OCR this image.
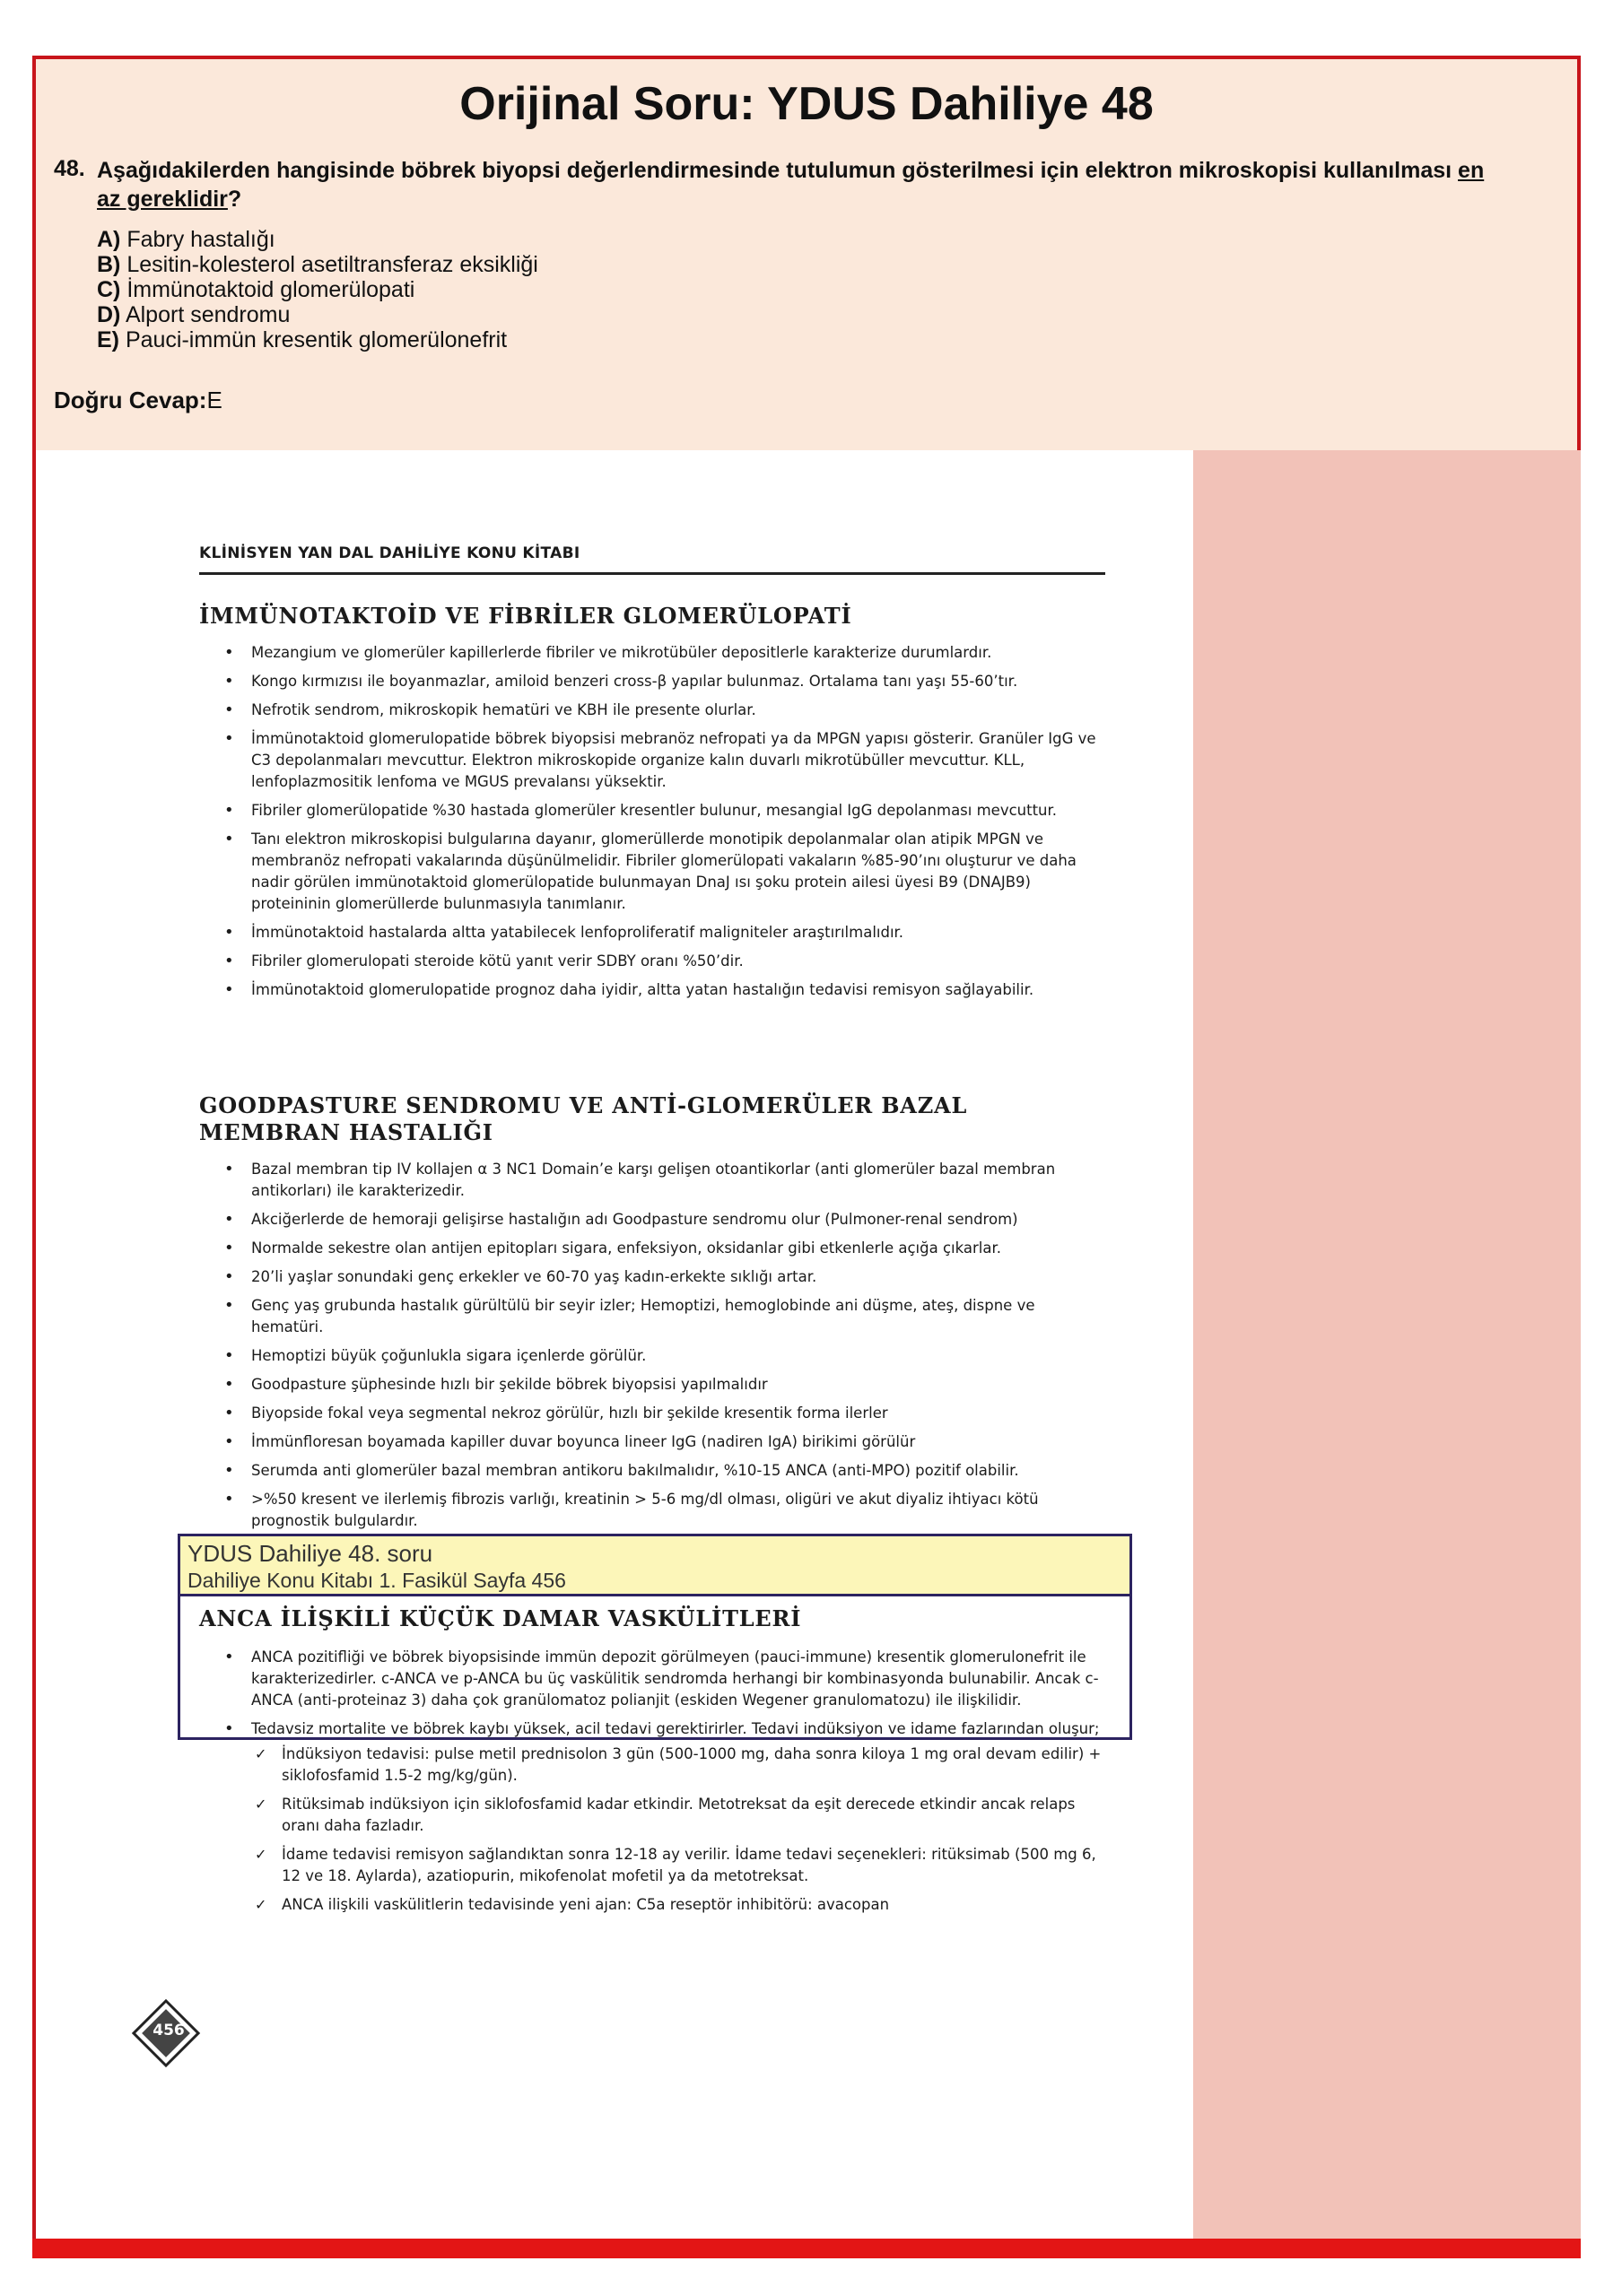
Orijinal Soru: YDUS Dahiliye 48
48. Aşağıdakilerden hangisinde böbrek biyopsi değerlendirmesinde tutulumun gösterilmesi için elektron mikroskopisi kullanılması en az gereklidir?
A) Fabry hastalığı
B) Lesitin-kolesterol asetiltransferaz eksikliği
C) İmmünotaktoid glomerülopati
D) Alport sendromu
E) Pauci-immün kresentik glomerülonefrit
Doğru Cevap:E
KLİNİSYEN YAN DAL DAHİLİYE KONU KİTABI
İMMÜNOTAKTOİD VE FİBRİLER GLOMERÜLOPATİ
• Mezangium ve glomerüler kapillerlerde fibriler ve mikrotübüler depositlerle karakterize durumlardır.
• Kongo kırmızısı ile boyanmazlar, amiloid benzeri cross-β yapılar bulunmaz. Ortalama tanı yaşı 55-60’tır.
• Nefrotik sendrom, mikroskopik hematüri ve KBH ile presente olurlar.
• İmmünotaktoid glomerulopatide böbrek biyopsisi mebranöz nefropati ya da MPGN yapısı gösterir. Granüler IgG ve C3 depolanmaları mevcuttur. Elektron mikroskopide organize kalın duvarlı mikrotübüller mevcuttur. KLL, lenfoplazmositik lenfoma ve MGUS prevalansı yüksektir.
• Fibriler glomerülopatide %30 hastada glomerüler kresentler bulunur, mesangial IgG depolanması mevcuttur.
• Tanı elektron mikroskopisi bulgularına dayanır, glomerüllerde monotipik depolanmalar olan atipik MPGN ve membranöz nefropati vakalarında düşünülmelidir. Fibriler glomerülopati vakaların %85-90’ını oluşturur ve daha nadir görülen immünotaktoid glomerülopatide bulunmayan DnaJ ısı şoku protein ailesi üyesi B9 (DNAJB9) proteininin glomerüllerde bulunmasıyla tanımlanır.
• İmmünotaktoid hastalarda altta yatabilecek lenfoproliferatif maligniteler araştırılmalıdır.
• Fibriler glomerulopati steroide kötü yanıt verir SDBY oranı %50’dir.
• İmmünotaktoid glomerulopatide prognoz daha iyidir, altta yatan hastalığın tedavisi remisyon sağlayabilir.
GOODPASTURE SENDROMU VE ANTİ-GLOMERÜLER BAZAL MEMBRAN HASTALIĞI
• Bazal membran tip IV kollajen α 3 NC1 Domain’e karşı gelişen otoantikorlar (anti glomerüler bazal membran antikorları) ile karakterizedir.
• Akciğerlerde de hemoraji gelişirse hastalığın adı Goodpasture sendromu olur (Pulmoner-renal sendrom)
• Normalde sekestre olan antijen epitopları sigara, enfeksiyon, oksidanlar gibi etkenlerle açığa çıkarlar.
• 20’li yaşlar sonundaki genç erkekler ve 60-70 yaş kadın-erkekte sıklığı artar.
• Genç yaş grubunda hastalık gürültülü bir seyir izler; Hemoptizi, hemoglobinde ani düşme, ateş, dispne ve hematüri.
• Hemoptizi büyük çoğunlukla sigara içenlerde görülür.
• Goodpasture şüphesinde hızlı bir şekilde böbrek biyopsisi yapılmalıdır
• Biyopside fokal veya segmental nekroz görülür, hızlı bir şekilde kresentik forma ilerler
• İmmünfloresan boyamada kapiller duvar boyunca lineer IgG (nadiren IgA) birikimi görülür
• Serumda anti glomerüler bazal membran antikoru bakılmalıdır, %10-15 ANCA (anti-MPO) pozitif olabilir.
• >%50 kresent ve ilerlemiş fibrozis varlığı, kreatinin > 5-6 mg/dl olması, oligüri ve akut diyaliz ihtiyacı kötü prognostik bulgulardır.
ANCA İLİŞKİLİ KÜÇÜK DAMAR VASKÜLİTLERİ
• ANCA pozitifliği ve böbrek biyopsisinde immün depozit görülmeyen (pauci-immune) kresentik glomerulonefrit ile karakterizedirler. c-ANCA ve p-ANCA bu üç vaskülitik sendromda herhangi bir kombinasyonda bulunabilir. Ancak c- ANCA (anti-proteinaz 3) daha çok granülomatoz polianjit (eskiden Wegener granulomatozu) ile ilişkilidir.
• Tedavsiz mortalite ve böbrek kaybı yüksek, acil tedavi gerektirirler. Tedavi indüksiyon ve idame fazlarından oluşur;
✓ İndüksiyon tedavisi: pulse metil prednisolon 3 gün (500-1000 mg, daha sonra kiloya 1 mg oral devam edilir) + siklofosfamid 1.5-2 mg/kg/gün).
✓ Ritüksimab indüksiyon için siklofosfamid kadar etkindir. Metotreksat da eşit derecede etkindir ancak relaps oranı daha fazladır.
✓ İdame tedavisi remisyon sağlandıktan sonra 12-18 ay verilir. İdame tedavi seçenekleri: ritüksimab (500 mg 6, 12 ve 18. Aylarda), azatiopurin, mikofenolat mofetil ya da metotreksat.
✓ ANCA ilişkili vaskülitlerin tedavisinde yeni ajan: C5a reseptör inhibitörü: avacopan
YDUS Dahiliye 48. soru
Dahiliye Konu Kitabı 1. Fasikül Sayfa 456
456
